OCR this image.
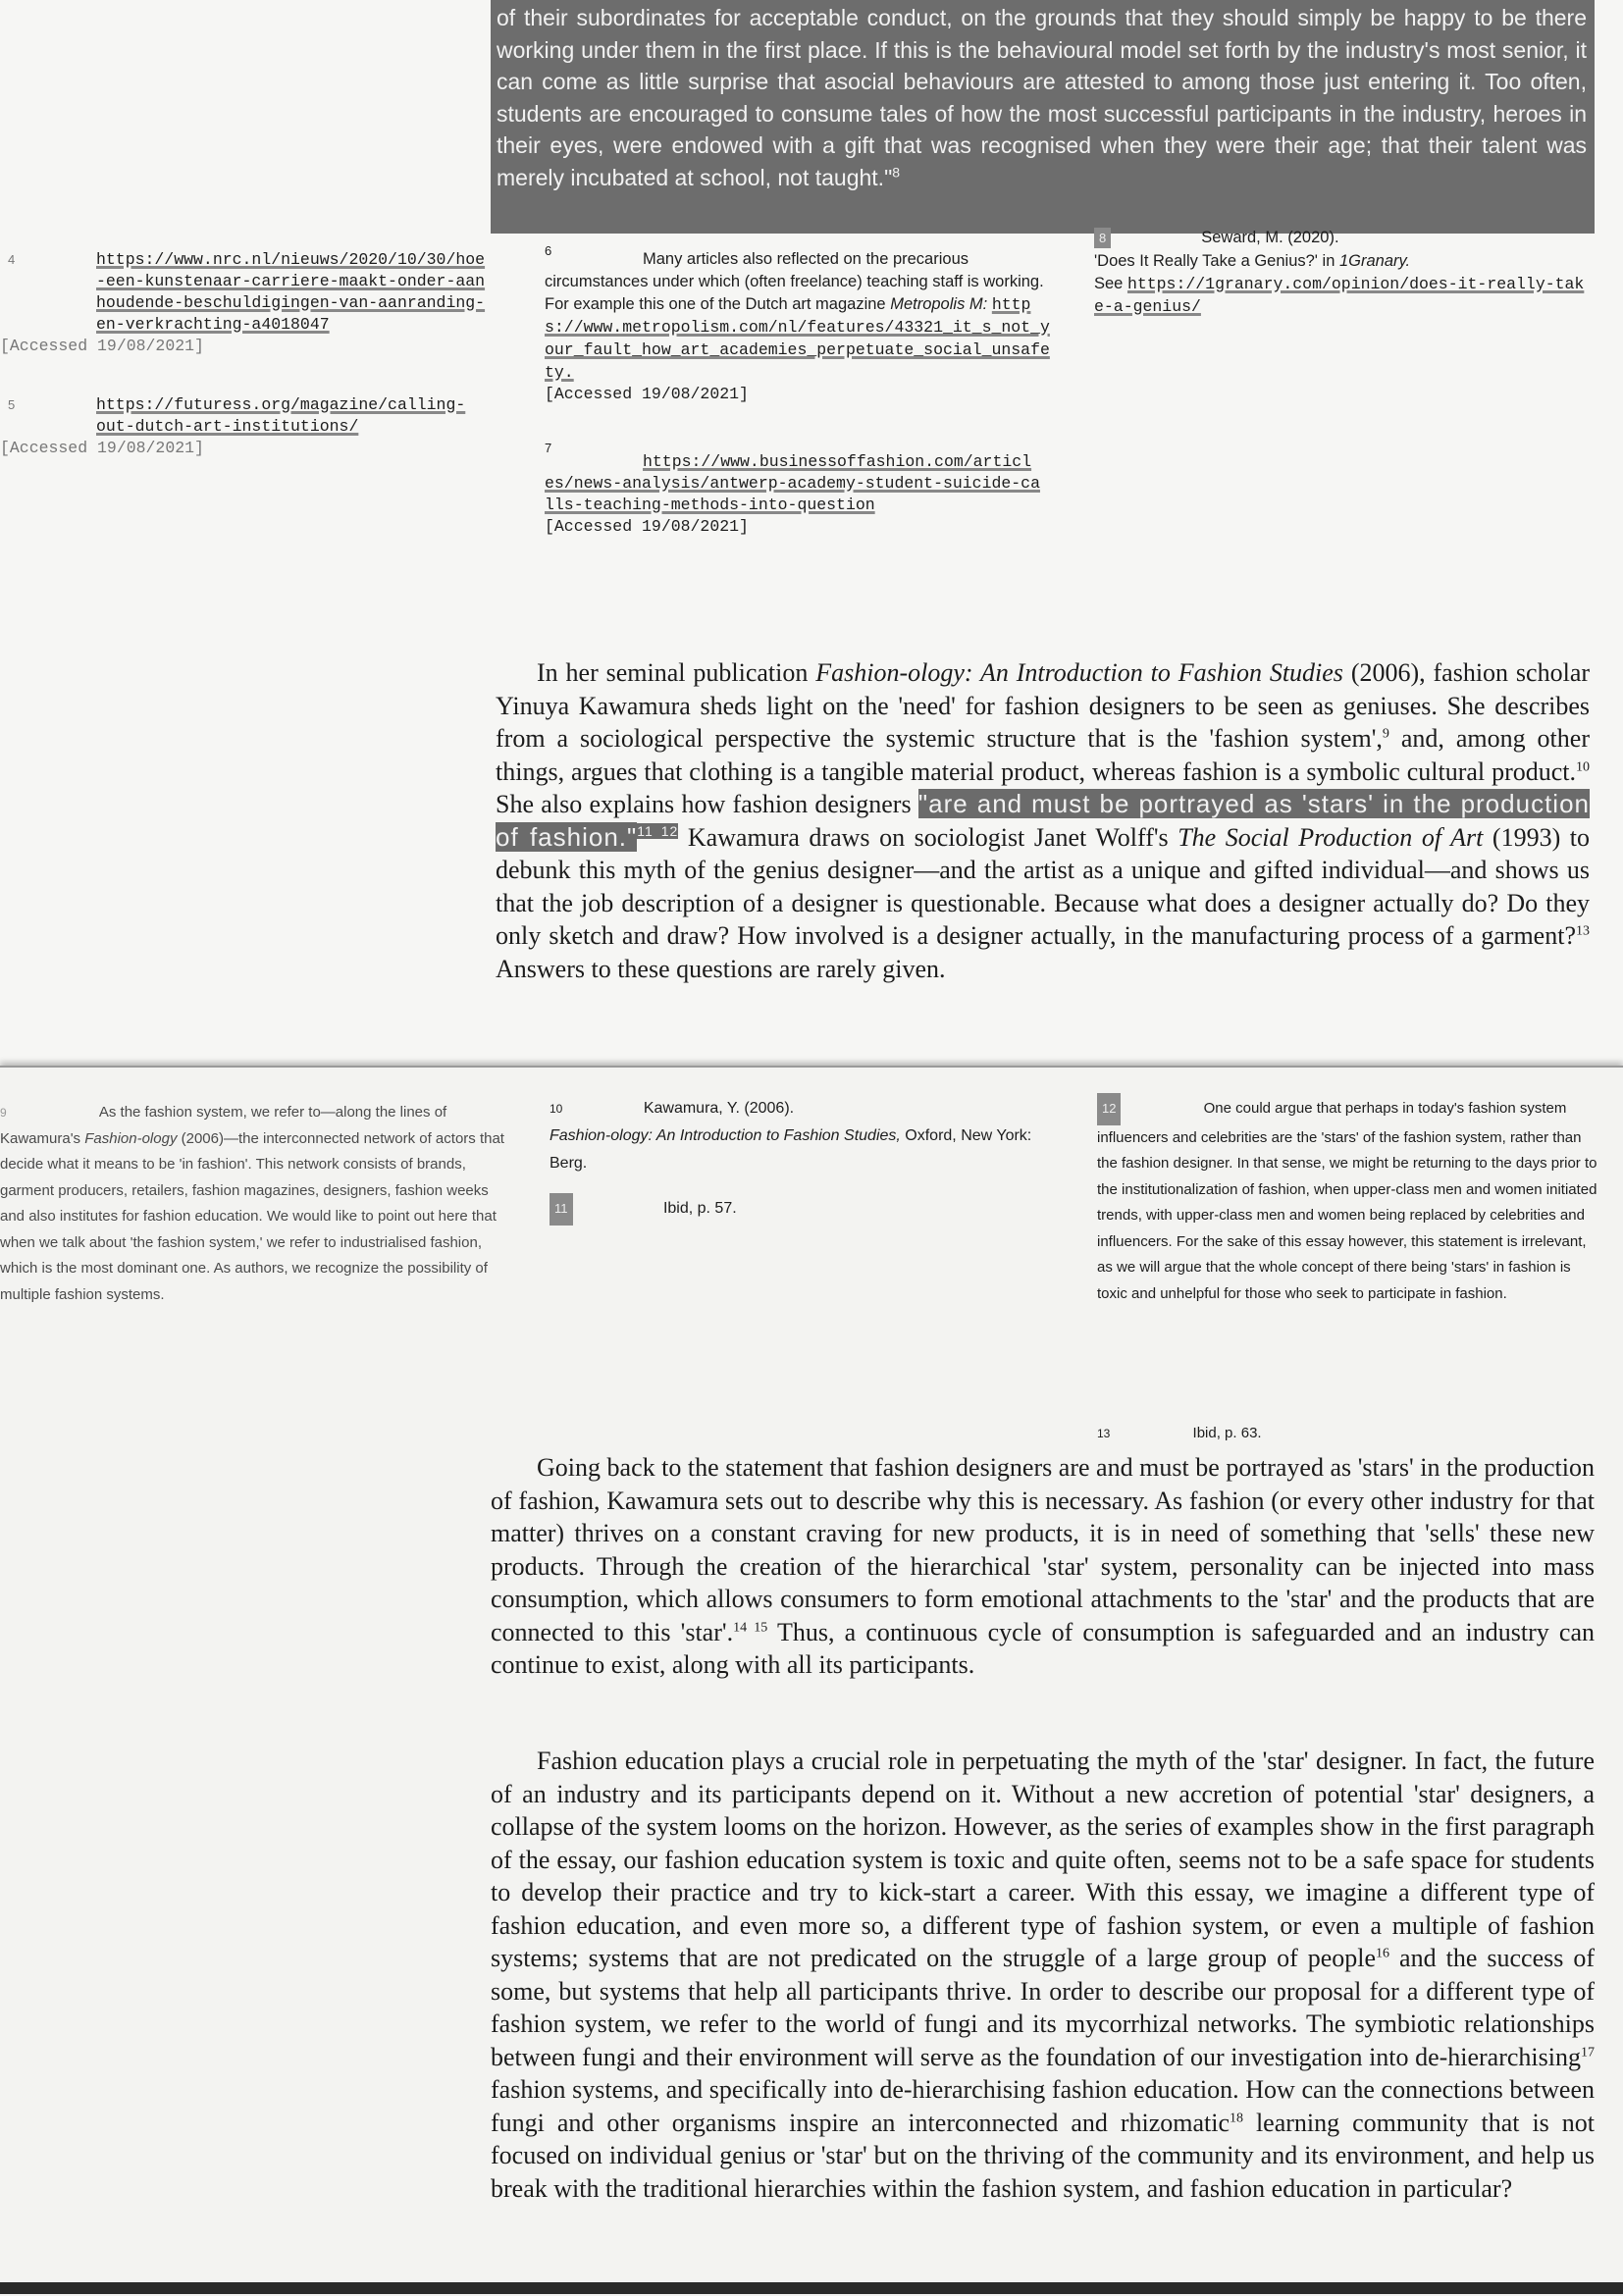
of their subordinates for acceptable conduct, on the grounds that they should simply be happy to be there working under them in the first place. If this is the behavioural model set forth by the industry's most senior, it can come as little surprise that asocial behaviours are attested to among those just entering it. Too often, students are encouraged to consume tales of how the most successful participants in the industry, heroes in their eyes, were endowed with a gift that was recognised when they were their age; that their talent was merely incubated at school, not taught."$^8$
4	https://www.nrc.nl/nieuws/2020/10/30/hoe-een-kunstenaar-carriere-maakt-onder-aanhoudende-beschuldigingen-van-aanranding-en-verkrachting-a4018047
[Accessed 19/08/2021]
5	https://futuress.org/magazine/calling-out-dutch-art-institutions/
[Accessed 19/08/2021]
6	Many articles also reflected on the precarious circumstances under which (often freelance) teaching staff is working. For example this one of the Dutch art magazine Metropolis M: https://www.metropolism.com/nl/features/43321_it_s_not_your_fault_how_art_academies_perpetuate_social_unsafety.
[Accessed 19/08/2021]
7
https://www.businessoffashion.com/articles/news-analysis/antwerp-academy-student-suicide-calls-teaching-methods-into-question
[Accessed 19/08/2021]
8	Seward, M. (2020).
'Does It Really Take a Genius?' in 1Granary.
See https://1granary.com/opinion/does-it-really-take-a-genius/

In her seminal publication Fashion-ology: An Introduction to Fashion Studies (2006), fashion scholar Yinuya Kawamura sheds light on the 'need' for fashion designers to be seen as geniuses. She describes from a sociological perspective the systemic structure that is the 'fashion system',$^9$ and, among other things, argues that clothing is a tangible material product, whereas fashion is a symbolic cultural product.$^{10}$ She also explains how fashion designers "are and must be portrayed as 'stars' in the production of fashion."$^{11 12}$ Kawamura draws on sociologist Janet Wolff's The Social Production of Art (1993) to debunk this myth of the genius designer—and the artist as a unique and gifted individual—and shows us that the job description of a designer is questionable. Because what does a designer actually do? Do they only sketch and draw? How involved is a designer actually, in the manufacturing process of a garment?$^{13}$ Answers to these questions are rarely given.

9	As the fashion system, we refer to—along the lines of Kawamura's Fashion-ology (2006)—the interconnected network of actors that decide what it means to be 'in fashion'. This network consists of brands, garment producers, retailers, fashion magazines, designers, fashion weeks and also institutes for fashion education. We would like to point out here that when we talk about 'the fashion system,' we refer to industrialised fashion, which is the most dominant one. As authors, we recognize the possibility of multiple fashion systems.
10	Kawamura, Y. (2006).
Fashion-ology: An Introduction to Fashion Studies, Oxford, New York: Berg.
11	Ibid, p. 57.
12	One could argue that perhaps in today's fashion system influencers and celebrities are the 'stars' of the fashion system, rather than the fashion designer. In that sense, we might be returning to the days prior to the institutionalization of fashion, when upper-class men and women initiated trends, with upper-class men and women being replaced by celebrities and influencers. For the sake of this essay however, this statement is irrelevant, as we will argue that the whole concept of there being 'stars' in fashion is toxic and unhelpful for those who seek to participate in fashion.
13	Ibid, p. 63.

Going back to the statement that fashion designers are and must be portrayed as 'stars' in the production of fashion, Kawamura sets out to describe why this is necessary. As fashion (or every other industry for that matter) thrives on a constant craving for new products, it is in need of something that 'sells' these new products. Through the creation of the hierarchical 'star' system, personality can be injected into mass consumption, which allows consumers to form emotional attachments to the 'star' and the products that are connected to this 'star'.$^{14 15}$ Thus, a continuous cycle of consumption is safeguarded and an industry can continue to exist, along with all its participants.

Fashion education plays a crucial role in perpetuating the myth of the 'star' designer. In fact, the future of an industry and its participants depend on it. Without a new accretion of potential 'star' designers, a collapse of the system looms on the horizon. However, as the series of examples show in the first paragraph of the essay, our fashion education system is toxic and quite often, seems not to be a safe space for students to develop their practice and try to kick-start a career. With this essay, we imagine a different type of fashion education, and even more so, a different type of fashion system, or even a multiple of fashion systems; systems that are not predicated on the struggle of a large group of people$^{16}$ and the success of some, but systems that help all participants thrive. In order to describe our proposal for a different type of fashion system, we refer to the world of fungi and its mycorrhizal networks. The symbiotic relationships between fungi and their environment will serve as the foundation of our investigation into de-hierarchising$^{17}$ fashion systems, and specifically into de-hierarchising fashion education. How can the connections between fungi and other organisms inspire an interconnected and rhizomatic$^{18}$ learning community that is not focused on individual genius or 'star' but on the thriving of the community and its environment, and help us break with the traditional hierarchies within the fashion system, and fashion education in particular?
